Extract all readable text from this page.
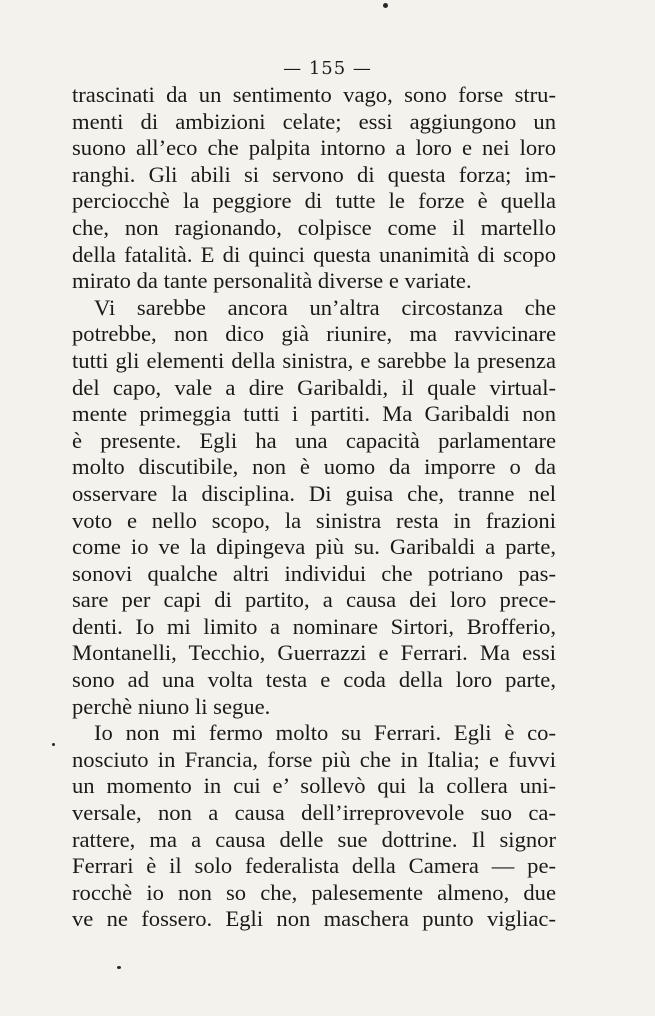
— 155 —
trascinati da un sentimento vago, sono forse stru-
menti di ambizioni celate; essi aggiungono un
suono all’eco che palpita intorno a loro e nei loro
ranghi. Gli abili si servono di questa forza; im-
perciocchè la peggiore di tutte le forze è quella
che, non ragionando, colpisce come il martello
della fatalità. E di quinci questa unanimità di scopo
mirato da tante personalità diverse e variate.
Vi sarebbe ancora un’altra circostanza che
potrebbe, non dico già riunire, ma ravvicinare
tutti gli elementi della sinistra, e sarebbe la presenza
del capo, vale a dire Garibaldi, il quale virtual-
mente primeggia tutti i partiti. Ma Garibaldi non
è presente. Egli ha una capacità parlamentare
molto discutibile, non è uomo da imporre o da
osservare la disciplina. Di guisa che, tranne nel
voto e nello scopo, la sinistra resta in frazioni
come io ve la dipingeva più su. Garibaldi a parte,
sonovi qualche altri individui che potriano pas-
sare per capi di partito, a causa dei loro prece-
denti. Io mi limito a nominare Sirtori, Brofferio,
Montanelli, Tecchio, Guerrazzi e Ferrari. Ma essi
sono ad una volta testa e coda della loro parte,
perchè niuno li segue.
Io non mi fermo molto su Ferrari. Egli è co-
nosciuto in Francia, forse più che in Italia; e fuvvi
un momento in cui e’ sollevò qui la collera uni-
versale, non a causa dell’irreprovevole suo ca-
rattere, ma a causa delle sue dottrine. Il signor
Ferrari è il solo federalista della Camera — pe-
rocchè io non so che, palesemente almeno, due
ve ne fossero. Egli non maschera punto vigliac-
